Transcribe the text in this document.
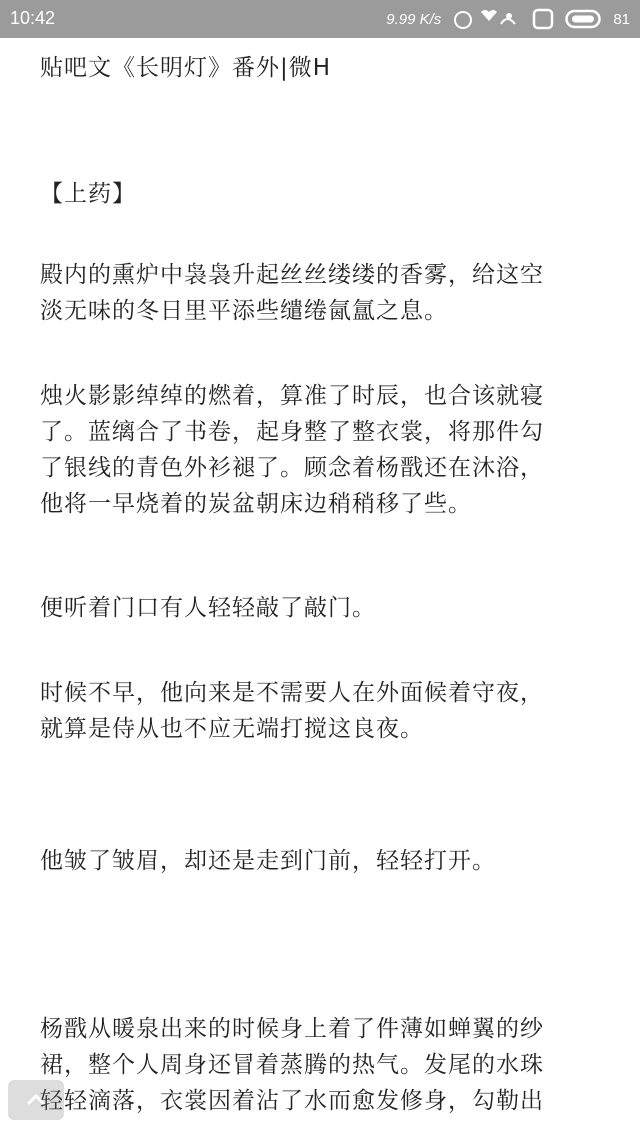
10:42	9.99 K/s	81

贴吧文《长明灯》番外|微H

【上药】

殿内的熏炉中袅袅升起丝丝缕缕的香雾，给这空

淡无味的冬日里平添些缱绻氤氲之息。

烛火影影绰绰的燃着，算准了时辰，也合该就寝

了。蓝缡合了书卷，起身整了整衣裳，将那件勾

了银线的青色外衫褪了。顾念着杨戬还在沐浴，

他将一早烧着的炭盆朝床边稍稍移了些。

便听着门口有人轻轻敲了敲门。

时候不早，他向来是不需要人在外面候着守夜，

就算是侍从也不应无端打搅这良夜。

他皱了皱眉，却还是走到门前，轻轻打开。

杨戬从暖泉出来的时候身上着了件薄如蝉翼的纱

裙，整个人周身还冒着蒸腾的热气。发尾的水珠

轻轻滴落，衣裳因着沾了水而愈发修身，勾勒出
